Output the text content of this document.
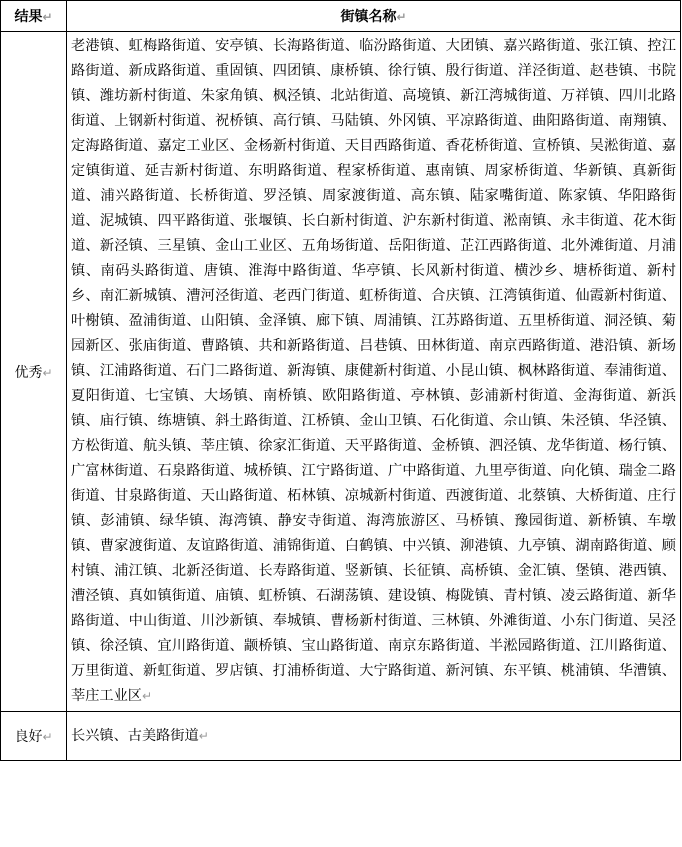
结果↵	街镇名称↵
优秀↵	老港镇、虹梅路街道、安亭镇、长海路街道、临汾路街道、大团镇、嘉兴路街道、张江镇、控江路街道、新成路街道、重固镇、四团镇、康桥镇、徐行镇、殷行街道、洋泾街道、赵巷镇、书院镇、潍坊新村街道、朱家角镇、枫泾镇、北站街道、高境镇、新江湾城街道、万祥镇、四川北路街道、上钢新村街道、祝桥镇、高行镇、马陆镇、外冈镇、平凉路街道、曲阳路街道、南翔镇、定海路街道、嘉定工业区、金杨新村街道、天目西路街道、香花桥街道、宣桥镇、吴淞街道、嘉定镇街道、延吉新村街道、东明路街道、程家桥街道、惠南镇、周家桥街道、华新镇、真新街道、浦兴路街道、长桥街道、罗泾镇、周家渡街道、高东镇、陆家嘴街道、陈家镇、华阳路街道、泥城镇、四平路街道、张堰镇、长白新村街道、沪东新村街道、淞南镇、永丰街道、花木街道、新泾镇、三星镇、金山工业区、五角场街道、岳阳街道、芷江西路街道、北外滩街道、月浦镇、南码头路街道、唐镇、淮海中路街道、华亭镇、长风新村街道、横沙乡、塘桥街道、新村乡、南汇新城镇、漕河泾街道、老西门街道、虹桥街道、合庆镇、江湾镇街道、仙霞新村街道、叶榭镇、盈浦街道、山阳镇、金泽镇、廊下镇、周浦镇、江苏路街道、五里桥街道、洞泾镇、菊园新区、张庙街道、曹路镇、共和新路街道、吕巷镇、田林街道、南京西路街道、港沿镇、新场镇、江浦路街道、石门二路街道、新海镇、康健新村街道、小昆山镇、枫林路街道、奉浦街道、夏阳街道、七宝镇、大场镇、南桥镇、欧阳路街道、亭林镇、彭浦新村街道、金海街道、新浜镇、庙行镇、练塘镇、斜土路街道、江桥镇、金山卫镇、石化街道、佘山镇、朱泾镇、华泾镇、方松街道、航头镇、莘庄镇、徐家汇街道、天平路街道、金桥镇、泗泾镇、龙华街道、杨行镇、广富林街道、石泉路街道、城桥镇、江宁路街道、广中路街道、九里亭街道、向化镇、瑞金二路街道、甘泉路街道、天山路街道、柘林镇、凉城新村街道、西渡街道、北蔡镇、大桥街道、庄行镇、彭浦镇、绿华镇、海湾镇、静安寺街道、海湾旅游区、马桥镇、豫园街道、新桥镇、车墩镇、曹家渡街道、友谊路街道、浦锦街道、白鹤镇、中兴镇、泖港镇、九亭镇、湖南路街道、顾村镇、浦江镇、北新泾街道、长寿路街道、竖新镇、长征镇、高桥镇、金汇镇、堡镇、港西镇、漕泾镇、真如镇街道、庙镇、虹桥镇、石湖荡镇、建设镇、梅陇镇、青村镇、凌云路街道、新华路街道、中山街道、川沙新镇、奉城镇、曹杨新村街道、三林镇、外滩街道、小东门街道、吴泾镇、徐泾镇、宜川路街道、颛桥镇、宝山路街道、南京东路街道、半淞园路街道、江川路街道、万里街道、新虹街道、罗店镇、打浦桥街道、大宁路街道、新河镇、东平镇、桃浦镇、华漕镇、莘庄工业区↵
良好↵	长兴镇、古美路街道↵
